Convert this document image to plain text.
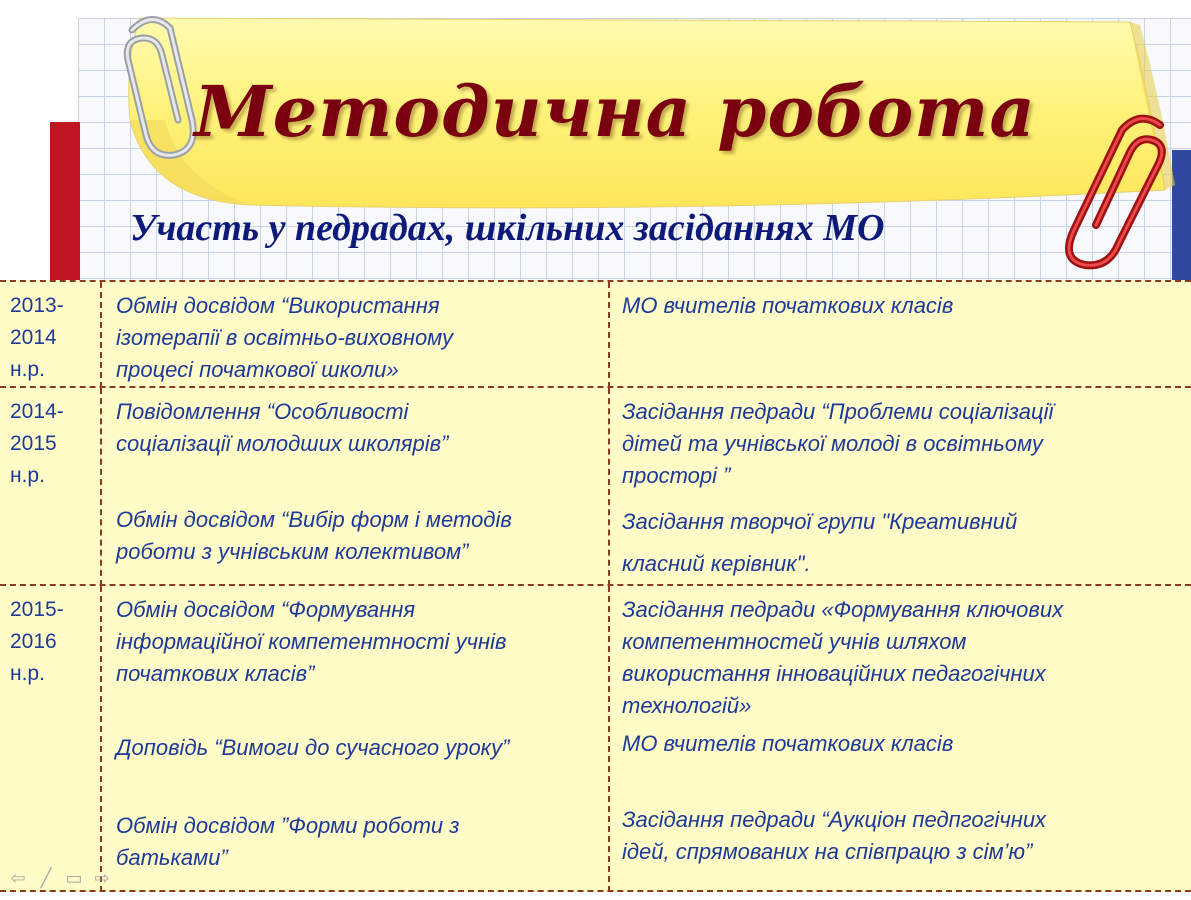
Методична робота
Участь у педрадах, шкільних засіданнях МО

2013-
2014
н.р.

Обмін досвідом “Використання
ізотерапії в освітньо-виховному
процесі початкової школи»

МО вчителів початкових класів

2014-
2015
н.р.

Повідомлення “Особливості
соціалізації молодших школярів”

Обмін досвідом “Вибір форм і методів
роботи з учнівським колективом”

Засідання педради “Проблеми соціалізації
дітей та учнівської молоді в освітньому
просторі ”

Засідання творчої групи "Креативний

класний керівник".

2015-
2016
н.р.

Обмін досвідом “Формування
інформаційної компетентності учнів
початкових класів”

Доповідь “Вимоги до сучасного уроку”

Обмін досвідом ”Форми роботи з
батьками”

Засідання педради «Формування ключових
компетентностей учнів шляхом
використання інноваційних педагогічних
технологій»

МО вчителів початкових класів

Засідання педради “Аукціон педпгогічних
ідей, спрямованих на співпрацю з сім’ю”

⇦ ╱ ▭ ⇨
